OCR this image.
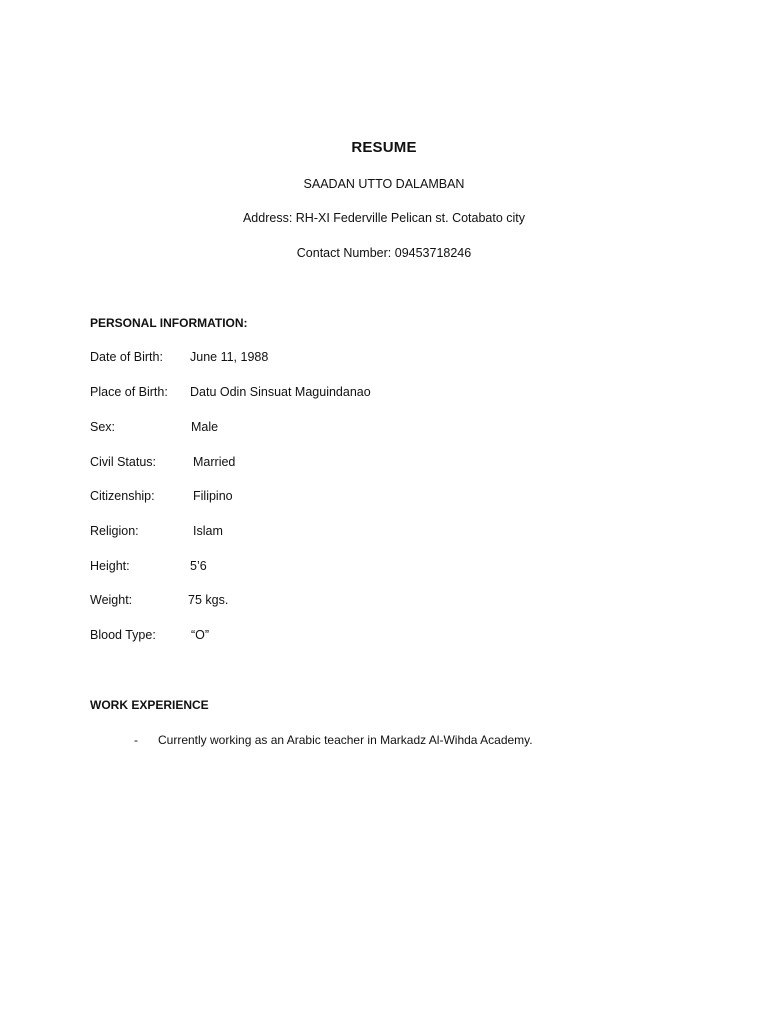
RESUME
SAADAN UTTO DALAMBAN
Address: RH-XI Federville Pelican st. Cotabato city
Contact Number: 09453718246
PERSONAL INFORMATION:
Date of Birth: June 11, 1988
Place of Birth: Datu Odin Sinsuat Maguindanao
Sex:	Male
Civil Status:	Married
Citizenship:	Filipino
Religion:	Islam
Height:	5’6
Weight:	75 kgs.
Blood Type:	“O”
WORK EXPERIENCE
- Currently working as an Arabic teacher in Markadz Al-Wihda Academy.
